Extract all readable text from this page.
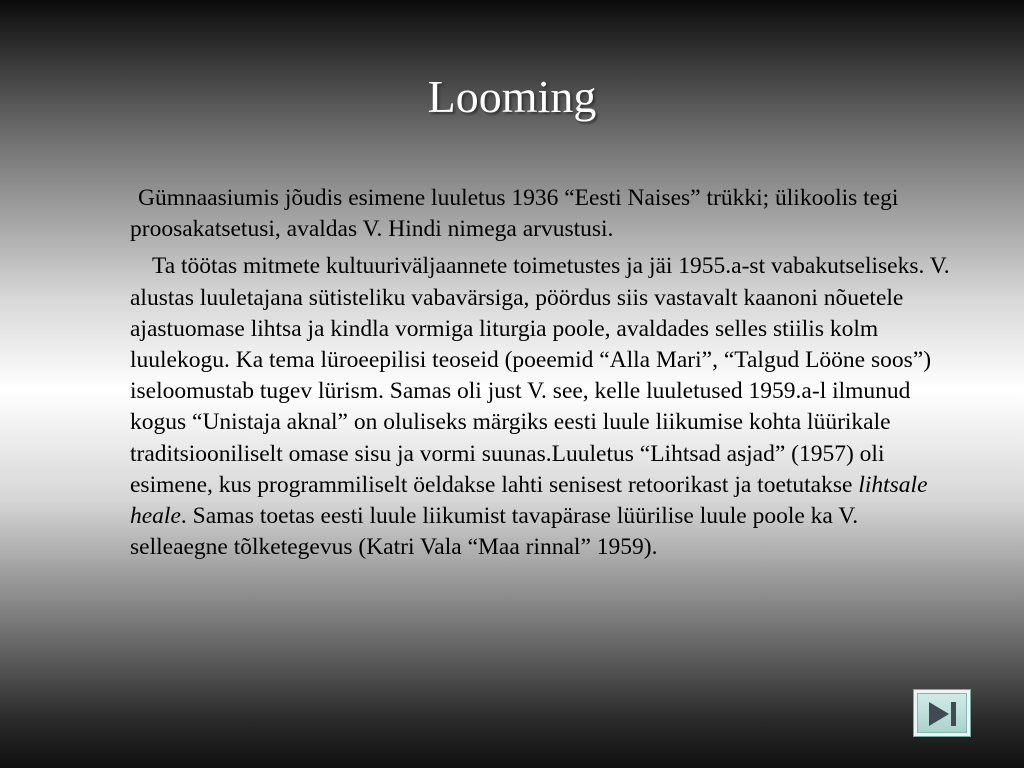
Looming

Gümnaasiumis jõudis esimene luuletus 1936 “Eesti Naises” trükki; ülikoolis tegi proosakatsetusi, avaldas V. Hindi nimega arvustusi.

Ta töötas mitmete kultuuriväljaannete toimetustes ja jäi 1955.a-st vabakutseliseks. V. alustas luuletajana sütisteliku vabavärsiga, pöördus siis vastavalt kaanoni nõuetele ajastuomase lihtsa ja kindla vormiga liturgia poole, avaldades selles stiilis kolm luulekogu. Ka tema lüroeepilisi teoseid (poeemid “Alla Mari”, “Talgud Lööne soos”) iseloomustab tugev lürism. Samas oli just V. see, kelle luuletused 1959.a-l ilmunud kogus “Unistaja aknal” on oluliseks märgiks eesti luule liikumise kohta lüürikale traditsiooniliselt omase sisu ja vormi suunas.Luuletus “Lihtsad asjad” (1957) oli esimene, kus programmiliselt öeldakse lahti senisest retoorikast ja toetutakse lihtsale heale. Samas toetas eesti luule liikumist tavapärase lüürilise luule poole ka V. selleaegne tõlketegevus (Katri Vala “Maa rinnal” 1959).
